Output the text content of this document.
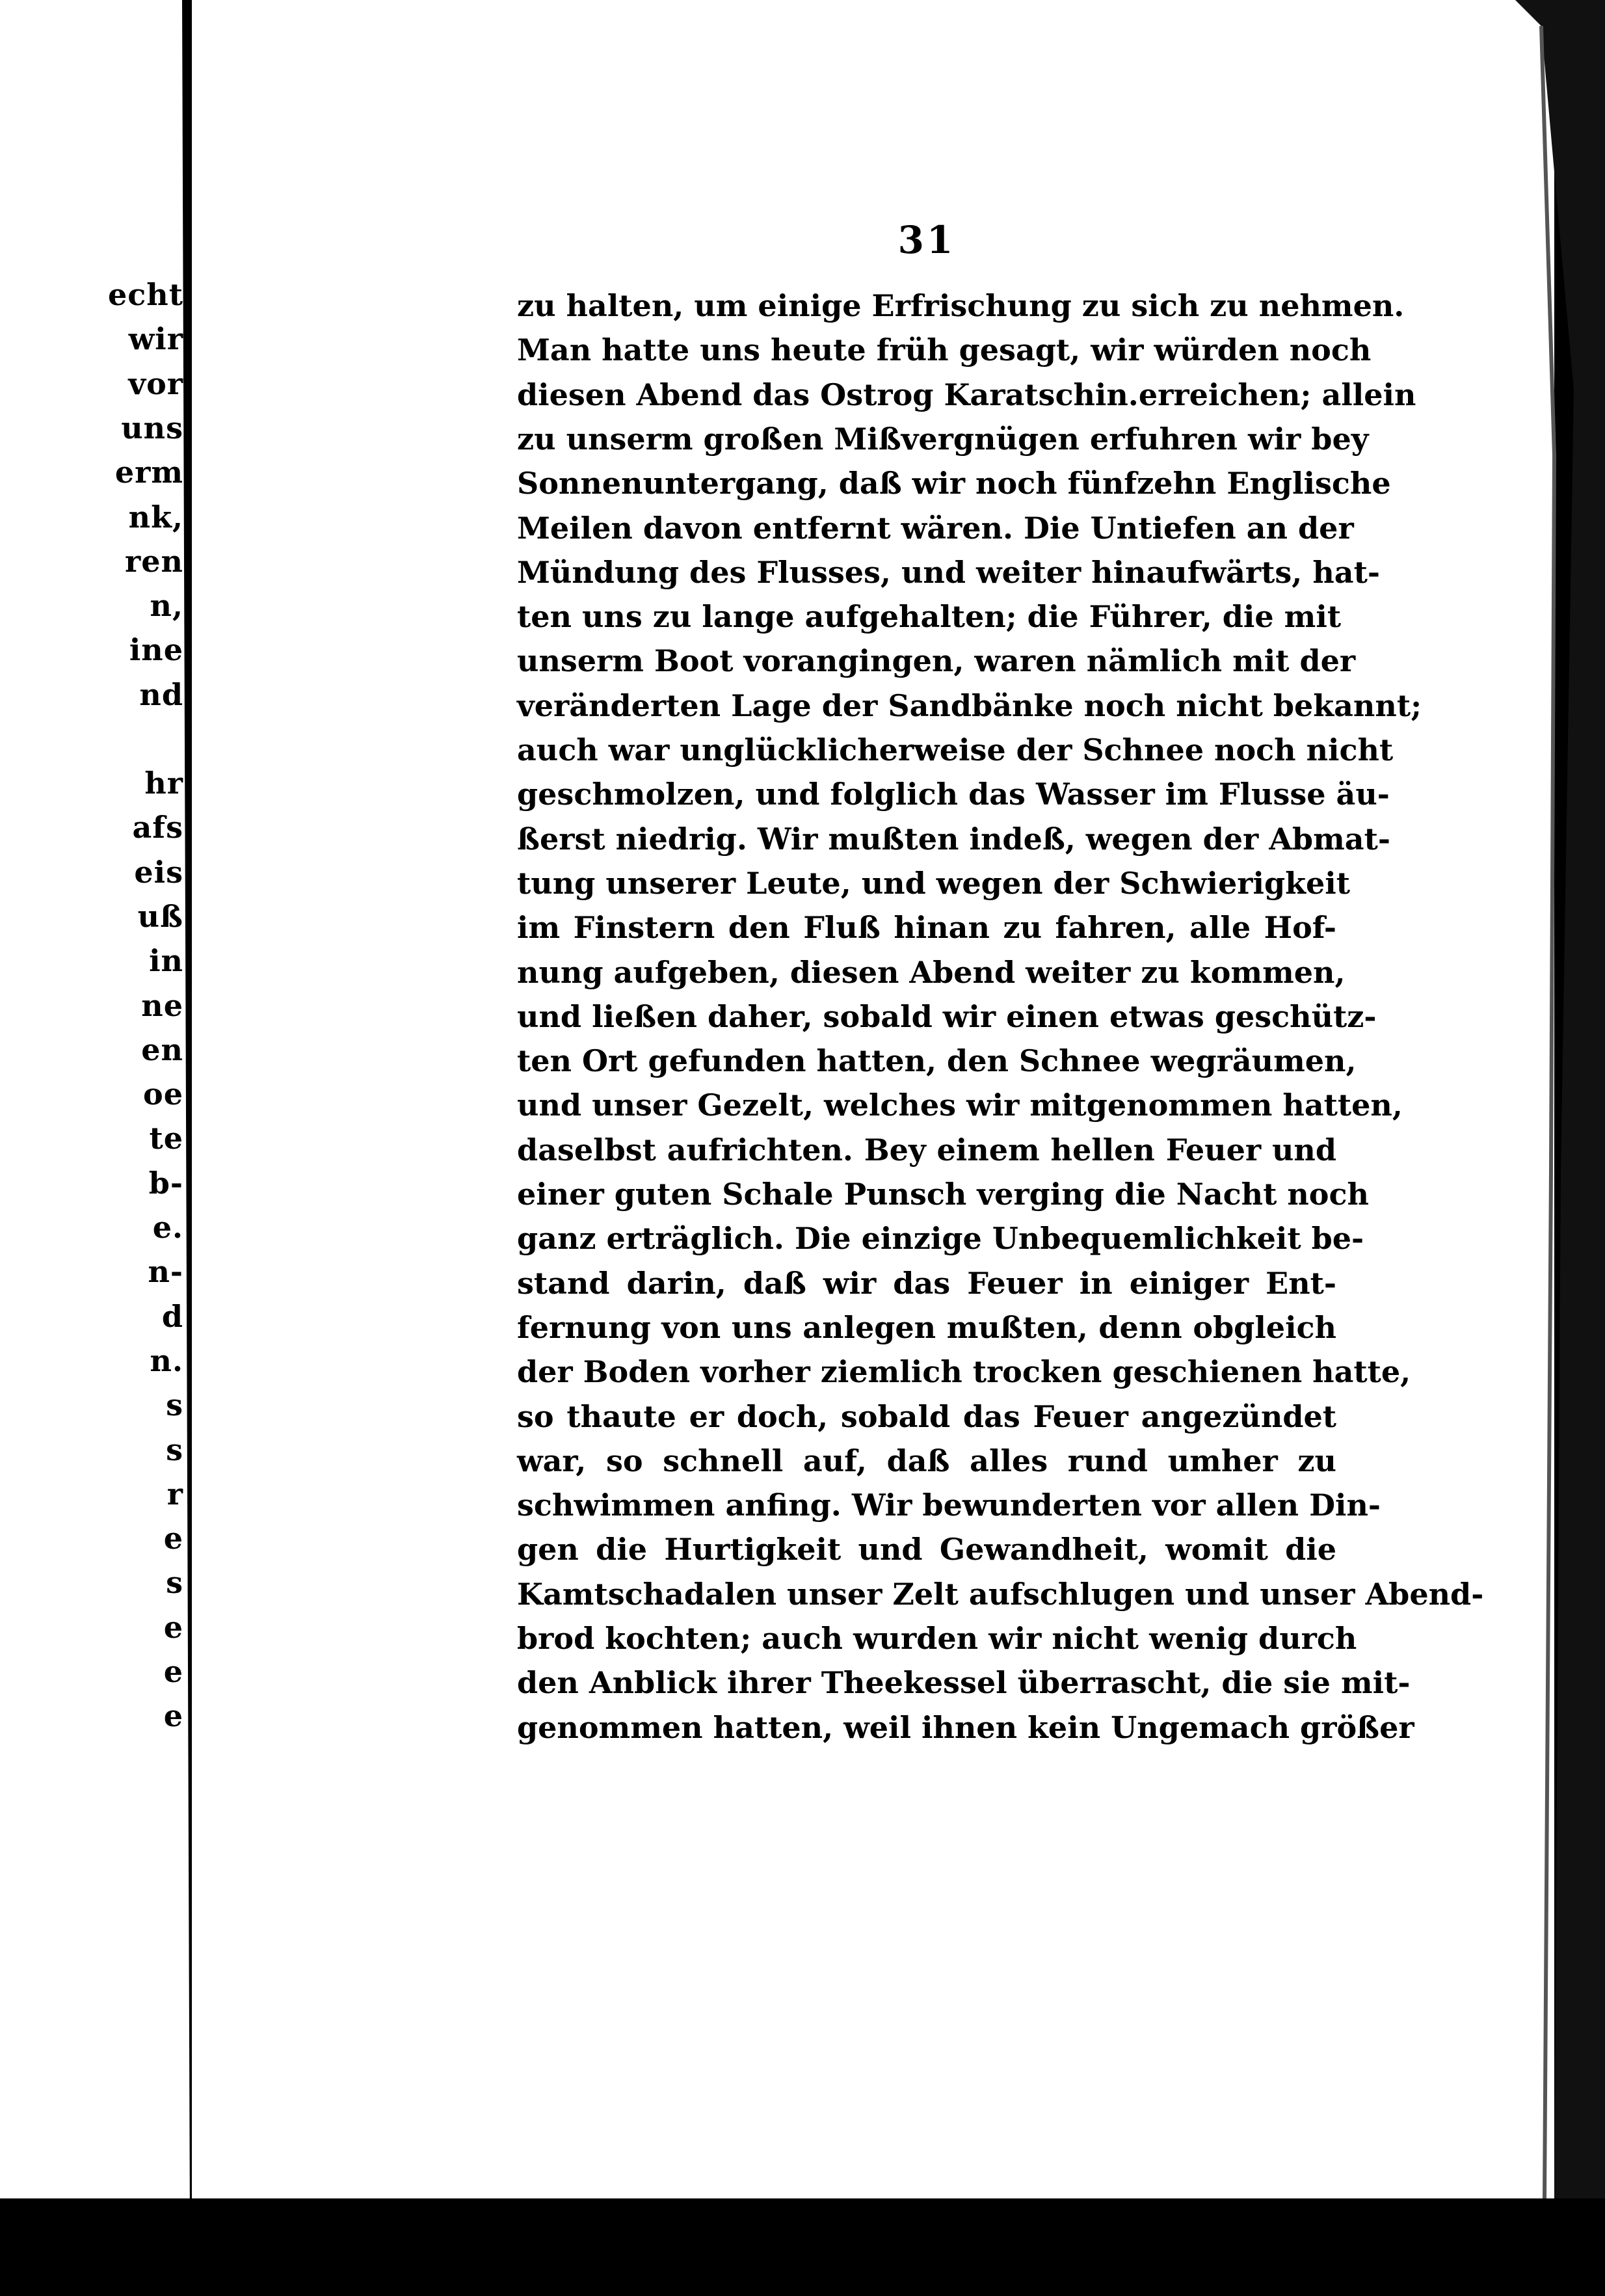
echt
wir
vor
uns
erm
nk,
ren
n,
ine
nd
hr
afs
eis
uß
in
ne
en
oe
te
b-
e.
n-
d
n.
s
s
r
e
s
e
e
e
31
zu halten, um einige Erfrischung zu sich zu nehmen.
Man hatte uns heute früh gesagt, wir würden noch
diesen Abend das Ostrog Karatschin.erreichen; allein
zu unserm großen Mißvergnügen erfuhren wir bey
Sonnenuntergang, daß wir noch fünfzehn Englische
Meilen davon entfernt wären. Die Untiefen an der
Mündung des Flusses, und weiter hinaufwärts, hat-
ten uns zu lange aufgehalten; die Führer, die mit
unserm Boot vorangingen, waren nämlich mit der
veränderten Lage der Sandbänke noch nicht bekannt;
auch war unglücklicherweise der Schnee noch nicht
geschmolzen, und folglich das Wasser im Flusse äu-
ßerst niedrig. Wir mußten indeß, wegen der Abmat-
tung unserer Leute, und wegen der Schwierigkeit
im Finstern den Fluß hinan zu fahren, alle Hof-
nung aufgeben, diesen Abend weiter zu kommen,
und ließen daher, sobald wir einen etwas geschütz-
ten Ort gefunden hatten, den Schnee wegräumen,
und unser Gezelt, welches wir mitgenommen hatten,
daselbst aufrichten. Bey einem hellen Feuer und
einer guten Schale Punsch verging die Nacht noch
ganz erträglich. Die einzige Unbequemlichkeit be-
stand darin, daß wir das Feuer in einiger Ent-
fernung von uns anlegen mußten, denn obgleich
der Boden vorher ziemlich trocken geschienen hatte,
so thaute er doch, sobald das Feuer angezündet
war, so schnell auf, daß alles rund umher zu
schwimmen anfing. Wir bewunderten vor allen Din-
gen die Hurtigkeit und Gewandheit, womit die
Kamtschadalen unser Zelt aufschlugen und unser Abend-
brod kochten; auch wurden wir nicht wenig durch
den Anblick ihrer Theekessel überrascht, die sie mit-
genommen hatten, weil ihnen kein Ungemach größer
